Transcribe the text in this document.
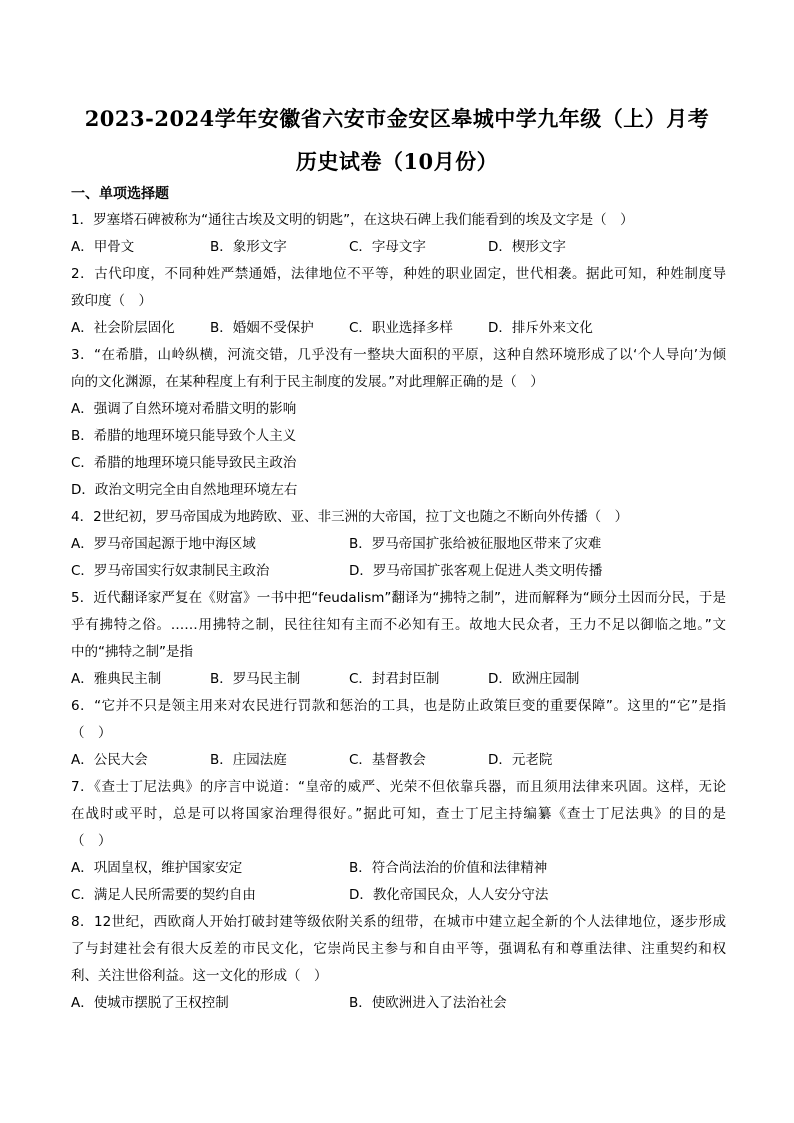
2023-2024学年安徽省六安市金安区皋城中学九年级（上）月考
历史试卷（10月份）
一、单项选择题
1．罗塞塔石碑被称为“通往古埃及文明的钥匙”，在这块石碑上我们能看到的埃及文字是（　）
A．甲骨文	B．象形文字	C．字母文字	D．楔形文字
2．古代印度，不同种姓严禁通婚，法律地位不平等，种姓的职业固定，世代相袭。据此可知，种姓制度导
致印度（　）
A．社会阶层固化	B．婚姻不受保护	C．职业选择多样	D．排斥外来文化
3．“在希腊，山岭纵横，河流交错，几乎没有一整块大面积的平原，这种自然环境形成了以‘个人导向’为倾
向的文化渊源，在某种程度上有利于民主制度的发展。”对此理解正确的是（　）
A．强调了自然环境对希腊文明的影响
B．希腊的地理环境只能导致个人主义
C．希腊的地理环境只能导致民主政治
D．政治文明完全由自然地理环境左右
4．2世纪初，罗马帝国成为地跨欧、亚、非三洲的大帝国，拉丁文也随之不断向外传播（　）
A．罗马帝国起源于地中海区域	B．罗马帝国扩张给被征服地区带来了灾难
C．罗马帝国实行奴隶制民主政治	D．罗马帝国扩张客观上促进人类文明传播
5．近代翻译家严复在《财富》一书中把“feudalism”翻译为“拂特之制”，进而解释为“顾分土因而分民，于是
乎有拂特之俗。……用拂特之制，民往往知有主而不必知有王。故地大民众者，王力不足以御临之地。”文
中的“拂特之制”是指
A．雅典民主制	B．罗马民主制	C．封君封臣制	D．欧洲庄园制
6．“它并不只是领主用来对农民进行罚款和惩治的工具，也是防止政策巨变的重要保障”。这里的“它”是指
（　）
A．公民大会	B．庄园法庭	C．基督教会	D．元老院
7．《查士丁尼法典》的序言中说道：“皇帝的威严、光荣不但依靠兵器，而且须用法律来巩固。这样，无论
在战时或平时，总是可以将国家治理得很好。”据此可知，查士丁尼主持编纂《查士丁尼法典》的目的是
（　）
A．巩固皇权，维护国家安定	B．符合尚法治的价值和法律精神
C．满足人民所需要的契约自由	D．教化帝国民众，人人安分守法
8．12世纪，西欧商人开始打破封建等级依附关系的纽带，在城市中建立起全新的个人法律地位，逐步形成
了与封建社会有很大反差的市民文化，它崇尚民主参与和自由平等，强调私有和尊重法律、注重契约和权
利、关注世俗利益。这一文化的形成（　）
A．使城市摆脱了王权控制	B．使欧洲进入了法治社会
